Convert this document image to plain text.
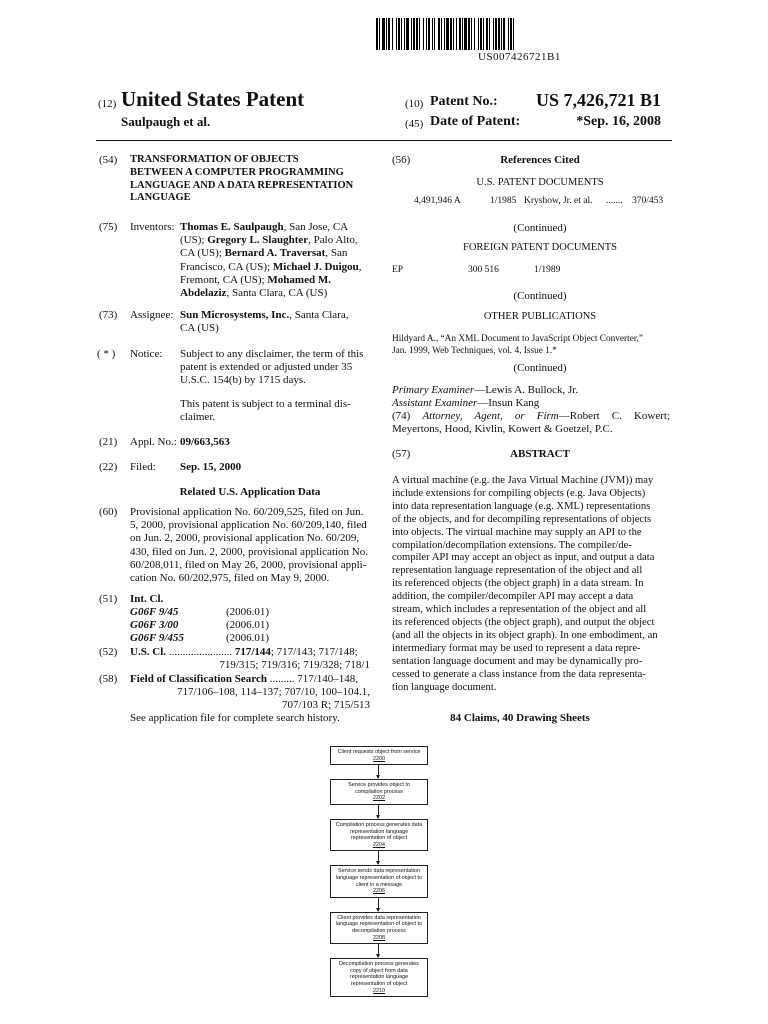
US007426721B1
(12) United States Patent
Saulpaugh et al.
(10) Patent No.: US 7,426,721 B1
(45) Date of Patent:	*Sep. 16, 2008
(54) TRANSFORMATION OF OBJECTS
BETWEEN A COMPUTER PROGRAMMING
LANGUAGE AND A DATA REPRESENTATION
LANGUAGE
(75) Inventors: Thomas E. Saulpaugh, San Jose, CA
(US); Gregory L. Slaughter, Palo Alto,
CA (US); Bernard A. Traversat, San
Francisco, CA (US); Michael J. Duigou,
Fremont, CA (US); Mohamed M.
Abdelaziz, Santa Clara, CA (US)
(73) Assignee: Sun Microsystems, Inc., Santa Clara,
CA (US)
( * ) Notice: Subject to any disclaimer, the term of this
patent is extended or adjusted under 35
U.S.C. 154(b) by 1715 days.
This patent is subject to a terminal dis-
claimer.
(21) Appl. No.: 09/663,563
(22) Filed: Sep. 15, 2000
Related U.S. Application Data
(60) Provisional application No. 60/209,525, filed on Jun.
5, 2000, provisional application No. 60/209,140, filed
on Jun. 2, 2000, provisional application No. 60/209,
430, filed on Jun. 2, 2000, provisional application No.
60/208,011, filed on May 26, 2000, provisional appli-
cation No. 60/202,975, filed on May 9, 2000.
(51) Int. Cl.
G06F 9/45	(2006.01)
G06F 3/00	(2006.01)
G06F 9/455	(2006.01)
(52) U.S. Cl. ....................... 717/144; 717/143; 717/148;
719/315; 719/316; 719/328; 718/1
(58) Field of Classification Search ......... 717/140–148,
717/106–108, 114–137; 707/10, 100–104.1,
707/103 R; 715/513
See application file for complete search history.
(56)	References Cited
U.S. PATENT DOCUMENTS
4,491,946 A	1/1985 Kryshow, Jr. et al. ....... 370/453
(Continued)
FOREIGN PATENT DOCUMENTS
EP	300 516	1/1989
(Continued)
OTHER PUBLICATIONS
Hildyard A., “An XML Document to JavaScript Object Converter,”
Jan. 1999, Web Techniques, vol. 4, Issue 1.*
(Continued)
Primary Examiner—Lewis A. Bullock, Jr.
Assistant Examiner—Insun Kang
(74) Attorney, Agent, or Firm—Robert C. Kowert;
Meyertons, Hood, Kivlin, Kowert & Goetzel, P.C.
(57)	ABSTRACT
A virtual machine (e.g. the Java Virtual Machine (JVM)) may
include extensions for compiling objects (e.g. Java Objects)
into data representation language (e.g. XML) representations
of the objects, and for decompiling representations of objects
into objects. The virtual machine may supply an API to the
compilation/decompilation extensions. The compiler/de-
compiler API may accept an object as input, and output a data
representation language representation of the object and all
its referenced objects (the object graph) in a data stream. In
addition, the compiler/decompiler API may accept a data
stream, which includes a representation of the object and all
its referenced objects (the object graph), and output the object
(and all the objects in its object graph). In one embodiment, an
intermediary format may be used to represent a data repre-
sentation language document and may be dynamically pro-
cessed to generate a class instance from the data representa-
tion language document.
84 Claims, 40 Drawing Sheets
Client requests object from service
2200
Service provides object to
compilation process
2202
Compilation process generates data
representation language
representation of object
2204
Service sends data representation
language representation of object to
client in a message
2206
Client provides data representation
language representation of object to
decompilation process
2208
Decompilation process generates
copy of object from data
representation language
representation of object
2210
